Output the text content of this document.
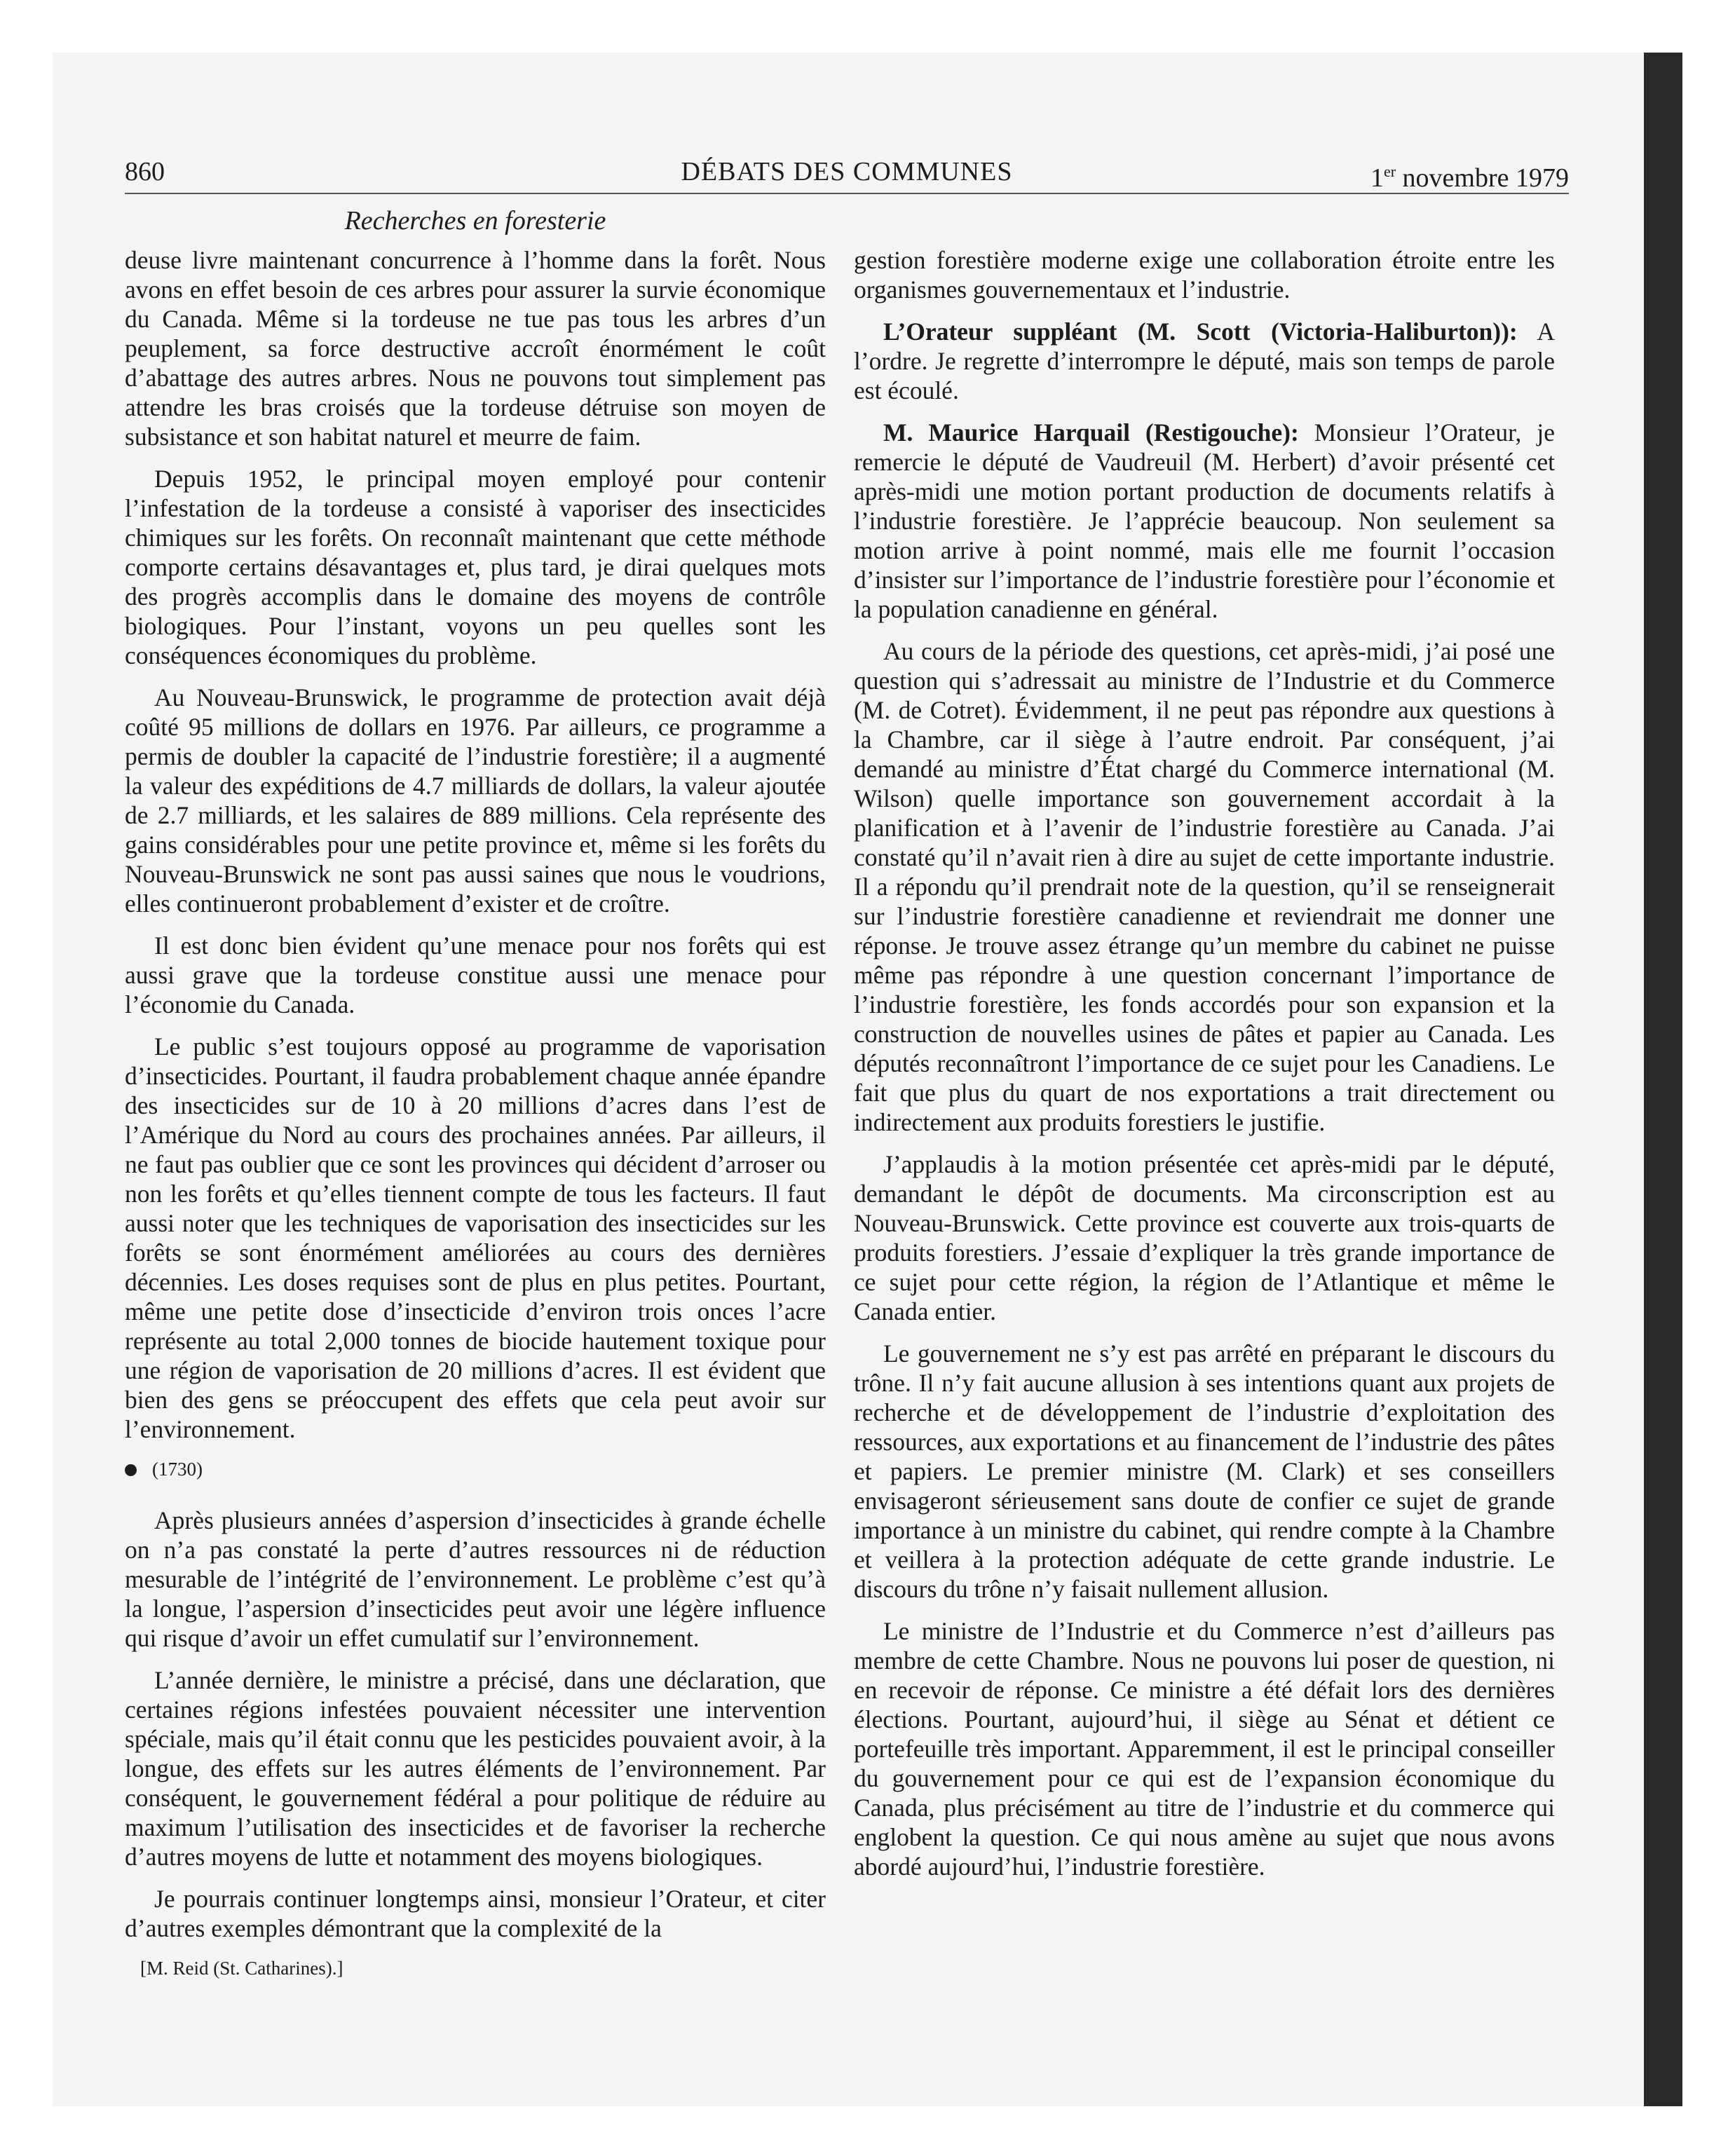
860	DÉBATS DES COMMUNES	1er novembre 1979
Recherches en foresterie

deuse livre maintenant concurrence à l’homme dans la forêt. Nous avons en effet besoin de ces arbres pour assurer la survie économique du Canada. Même si la tordeuse ne tue pas tous les arbres d’un peuplement, sa force destructive accroît énormément le coût d’abattage des autres arbres. Nous ne pouvons tout simplement pas attendre les bras croisés que la tordeuse détruise son moyen de subsistance et son habitat naturel et meurre de faim.

Depuis 1952, le principal moyen employé pour contenir l’infestation de la tordeuse a consisté à vaporiser des insecticides chimiques sur les forêts. On reconnaît maintenant que cette méthode comporte certains désavantages et, plus tard, je dirai quelques mots des progrès accomplis dans le domaine des moyens de contrôle biologiques. Pour l’instant, voyons un peu quelles sont les conséquences économiques du problème.

Au Nouveau-Brunswick, le programme de protection avait déjà coûté 95 millions de dollars en 1976. Par ailleurs, ce programme a permis de doubler la capacité de l’industrie forestière; il a augmenté la valeur des expéditions de 4.7 milliards de dollars, la valeur ajoutée de 2.7 milliards, et les salaires de 889 millions. Cela représente des gains considérables pour une petite province et, même si les forêts du Nouveau-Brunswick ne sont pas aussi saines que nous le voudrions, elles continueront probablement d’exister et de croître.

Il est donc bien évident qu’une menace pour nos forêts qui est aussi grave que la tordeuse constitue aussi une menace pour l’économie du Canada.

Le public s’est toujours opposé au programme de vaporisation d’insecticides. Pourtant, il faudra probablement chaque année épandre des insecticides sur de 10 à 20 millions d’acres dans l’est de l’Amérique du Nord au cours des prochaines années. Par ailleurs, il ne faut pas oublier que ce sont les provinces qui décident d’arroser ou non les forêts et qu’elles tiennent compte de tous les facteurs. Il faut aussi noter que les techniques de vaporisation des insecticides sur les forêts se sont énormément améliorées au cours des dernières décennies. Les doses requises sont de plus en plus petites. Pourtant, même une petite dose d’insecticide d’environ trois onces l’acre représente au total 2,000 tonnes de biocide hautement toxique pour une région de vaporisation de 20 millions d’acres. Il est évident que bien des gens se préoccupent des effets que cela peut avoir sur l’environnement.

(1730)

Après plusieurs années d’aspersion d’insecticides à grande échelle on n’a pas constaté la perte d’autres ressources ni de réduction mesurable de l’intégrité de l’environnement. Le problème c’est qu’à la longue, l’aspersion d’insecticides peut avoir une légère influence qui risque d’avoir un effet cumulatif sur l’environnement.

L’année dernière, le ministre a précisé, dans une déclaration, que certaines régions infestées pouvaient nécessiter une intervention spéciale, mais qu’il était connu que les pesticides pouvaient avoir, à la longue, des effets sur les autres éléments de l’environnement. Par conséquent, le gouvernement fédéral a pour politique de réduire au maximum l’utilisation des insecticides et de favoriser la recherche d’autres moyens de lutte et notamment des moyens biologiques.

Je pourrais continuer longtemps ainsi, monsieur l’Orateur, et citer d’autres exemples démontrant que la complexité de la

[M. Reid (St. Catharines).]

gestion forestière moderne exige une collaboration étroite entre les organismes gouvernementaux et l’industrie.

L’Orateur suppléant (M. Scott (Victoria-Haliburton)): A l’ordre. Je regrette d’interrompre le député, mais son temps de parole est écoulé.

M. Maurice Harquail (Restigouche): Monsieur l’Orateur, je remercie le député de Vaudreuil (M. Herbert) d’avoir présenté cet après-midi une motion portant production de documents relatifs à l’industrie forestière. Je l’apprécie beaucoup. Non seulement sa motion arrive à point nommé, mais elle me fournit l’occasion d’insister sur l’importance de l’industrie forestière pour l’économie et la population canadienne en général.

Au cours de la période des questions, cet après-midi, j’ai posé une question qui s’adressait au ministre de l’Industrie et du Commerce (M. de Cotret). Évidemment, il ne peut pas répondre aux questions à la Chambre, car il siège à l’autre endroit. Par conséquent, j’ai demandé au ministre d’État chargé du Commerce international (M. Wilson) quelle importance son gouvernement accordait à la planification et à l’avenir de l’industrie forestière au Canada. J’ai constaté qu’il n’avait rien à dire au sujet de cette importante industrie. Il a répondu qu’il prendrait note de la question, qu’il se renseignerait sur l’industrie forestière canadienne et reviendrait me donner une réponse. Je trouve assez étrange qu’un membre du cabinet ne puisse même pas répondre à une question concernant l’importance de l’industrie forestière, les fonds accordés pour son expansion et la construction de nouvelles usines de pâtes et papier au Canada. Les députés reconnaîtront l’importance de ce sujet pour les Canadiens. Le fait que plus du quart de nos exportations a trait directement ou indirectement aux produits forestiers le justifie.

J’applaudis à la motion présentée cet après-midi par le député, demandant le dépôt de documents. Ma circonscription est au Nouveau-Brunswick. Cette province est couverte aux trois-quarts de produits forestiers. J’essaie d’expliquer la très grande importance de ce sujet pour cette région, la région de l’Atlantique et même le Canada entier.

Le gouvernement ne s’y est pas arrêté en préparant le discours du trône. Il n’y fait aucune allusion à ses intentions quant aux projets de recherche et de développement de l’industrie d’exploitation des ressources, aux exportations et au financement de l’industrie des pâtes et papiers. Le premier ministre (M. Clark) et ses conseillers envisageront sérieusement sans doute de confier ce sujet de grande importance à un ministre du cabinet, qui rendre compte à la Chambre et veillera à la protection adéquate de cette grande industrie. Le discours du trône n’y faisait nullement allusion.

Le ministre de l’Industrie et du Commerce n’est d’ailleurs pas membre de cette Chambre. Nous ne pouvons lui poser de question, ni en recevoir de réponse. Ce ministre a été défait lors des dernières élections. Pourtant, aujourd’hui, il siège au Sénat et détient ce portefeuille très important. Apparemment, il est le principal conseiller du gouvernement pour ce qui est de l’expansion économique du Canada, plus précisément au titre de l’industrie et du commerce qui englobent la question. Ce qui nous amène au sujet que nous avons abordé aujourd’hui, l’industrie forestière.
